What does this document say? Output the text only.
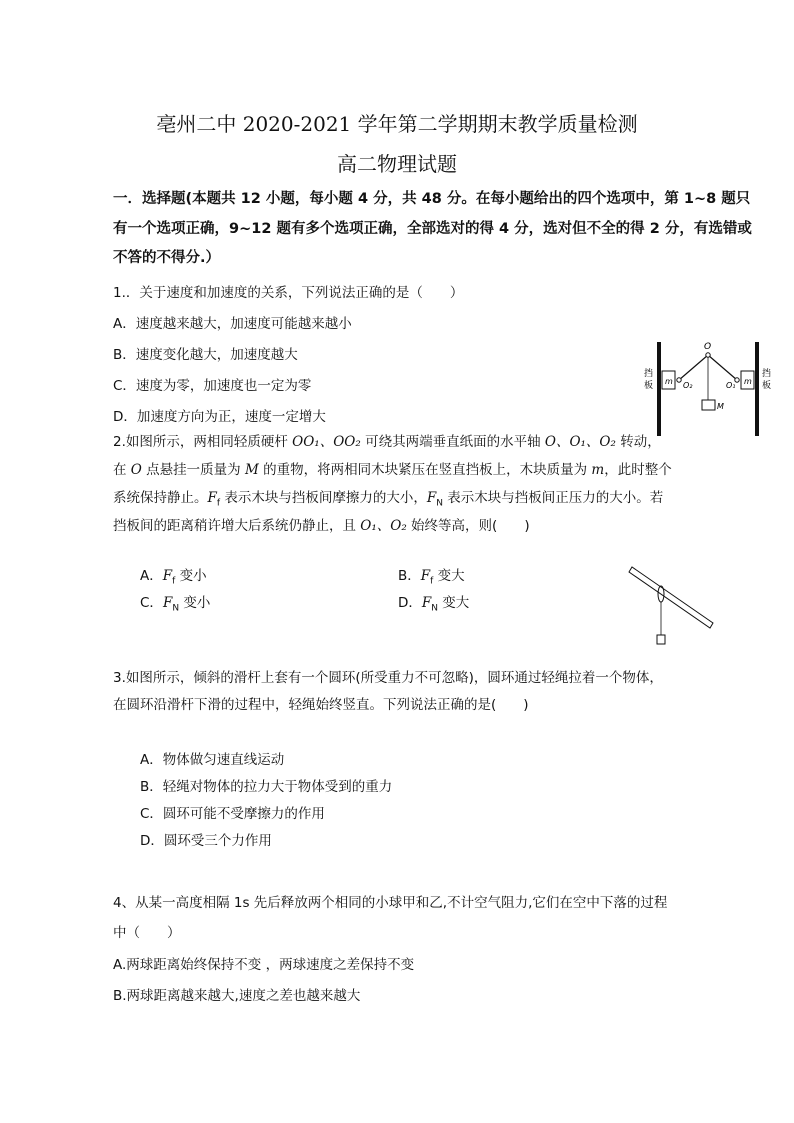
亳州二中 2020-2021 学年第二学期期末教学质量检测
高二物理试题
一．选择题(本题共 12 小题，每小题 4 分，共 48 分。在每小题给出的四个选项中，第 1~8 题只
有一个选项正确，9~12 题有多个选项正确，全部选对的得 4 分，选对但不全的得 2 分，有选错或
不答的不得分.）
1.．关于速度和加速度的关系，下列说法正确的是（　　）
A．速度越来越大，加速度可能越来越小
B．速度变化越大，加速度越大
C．速度为零，加速度也一定为零
D．加速度方向为正，速度一定增大
挡
板
挡
板
m	m
O
O₂	O₁
M
2.如图所示，两相同轻质硬杆 OO₁、OO₂ 可绕其两端垂直纸面的水平轴 O、O₁、O₂ 转动，
在 O 点悬挂一质量为 M 的重物，将两相同木块紧压在竖直挡板上，木块质量为 m，此时整个
系统保持静止。$F_f$ 表示木块与挡板间摩擦力的大小，$F_N$ 表示木块与挡板间正压力的大小。若
挡板间的距离稍许增大后系统仍静止，且 O₁、O₂ 始终等高，则(　　)
A．$F_f$ 变小	B．$F_f$ 变大
C．$F_N$ 变小	D．$F_N$ 变大
3.如图所示，倾斜的滑杆上套有一个圆环(所受重力不可忽略)，圆环通过轻绳拉着一个物体，
在圆环沿滑杆下滑的过程中，轻绳始终竖直。下列说法正确的是(　　)
A．物体做匀速直线运动
B．轻绳对物体的拉力大于物体受到的重力
C．圆环可能不受摩擦力的作用
D．圆环受三个力作用
4、从某一高度相隔 1s 先后释放两个相同的小球甲和乙,不计空气阻力,它们在空中下落的过程
中（　　）
A.两球距离始终保持不变 ，两球速度之差保持不变
B.两球距离越来越大,速度之差也越来越大
